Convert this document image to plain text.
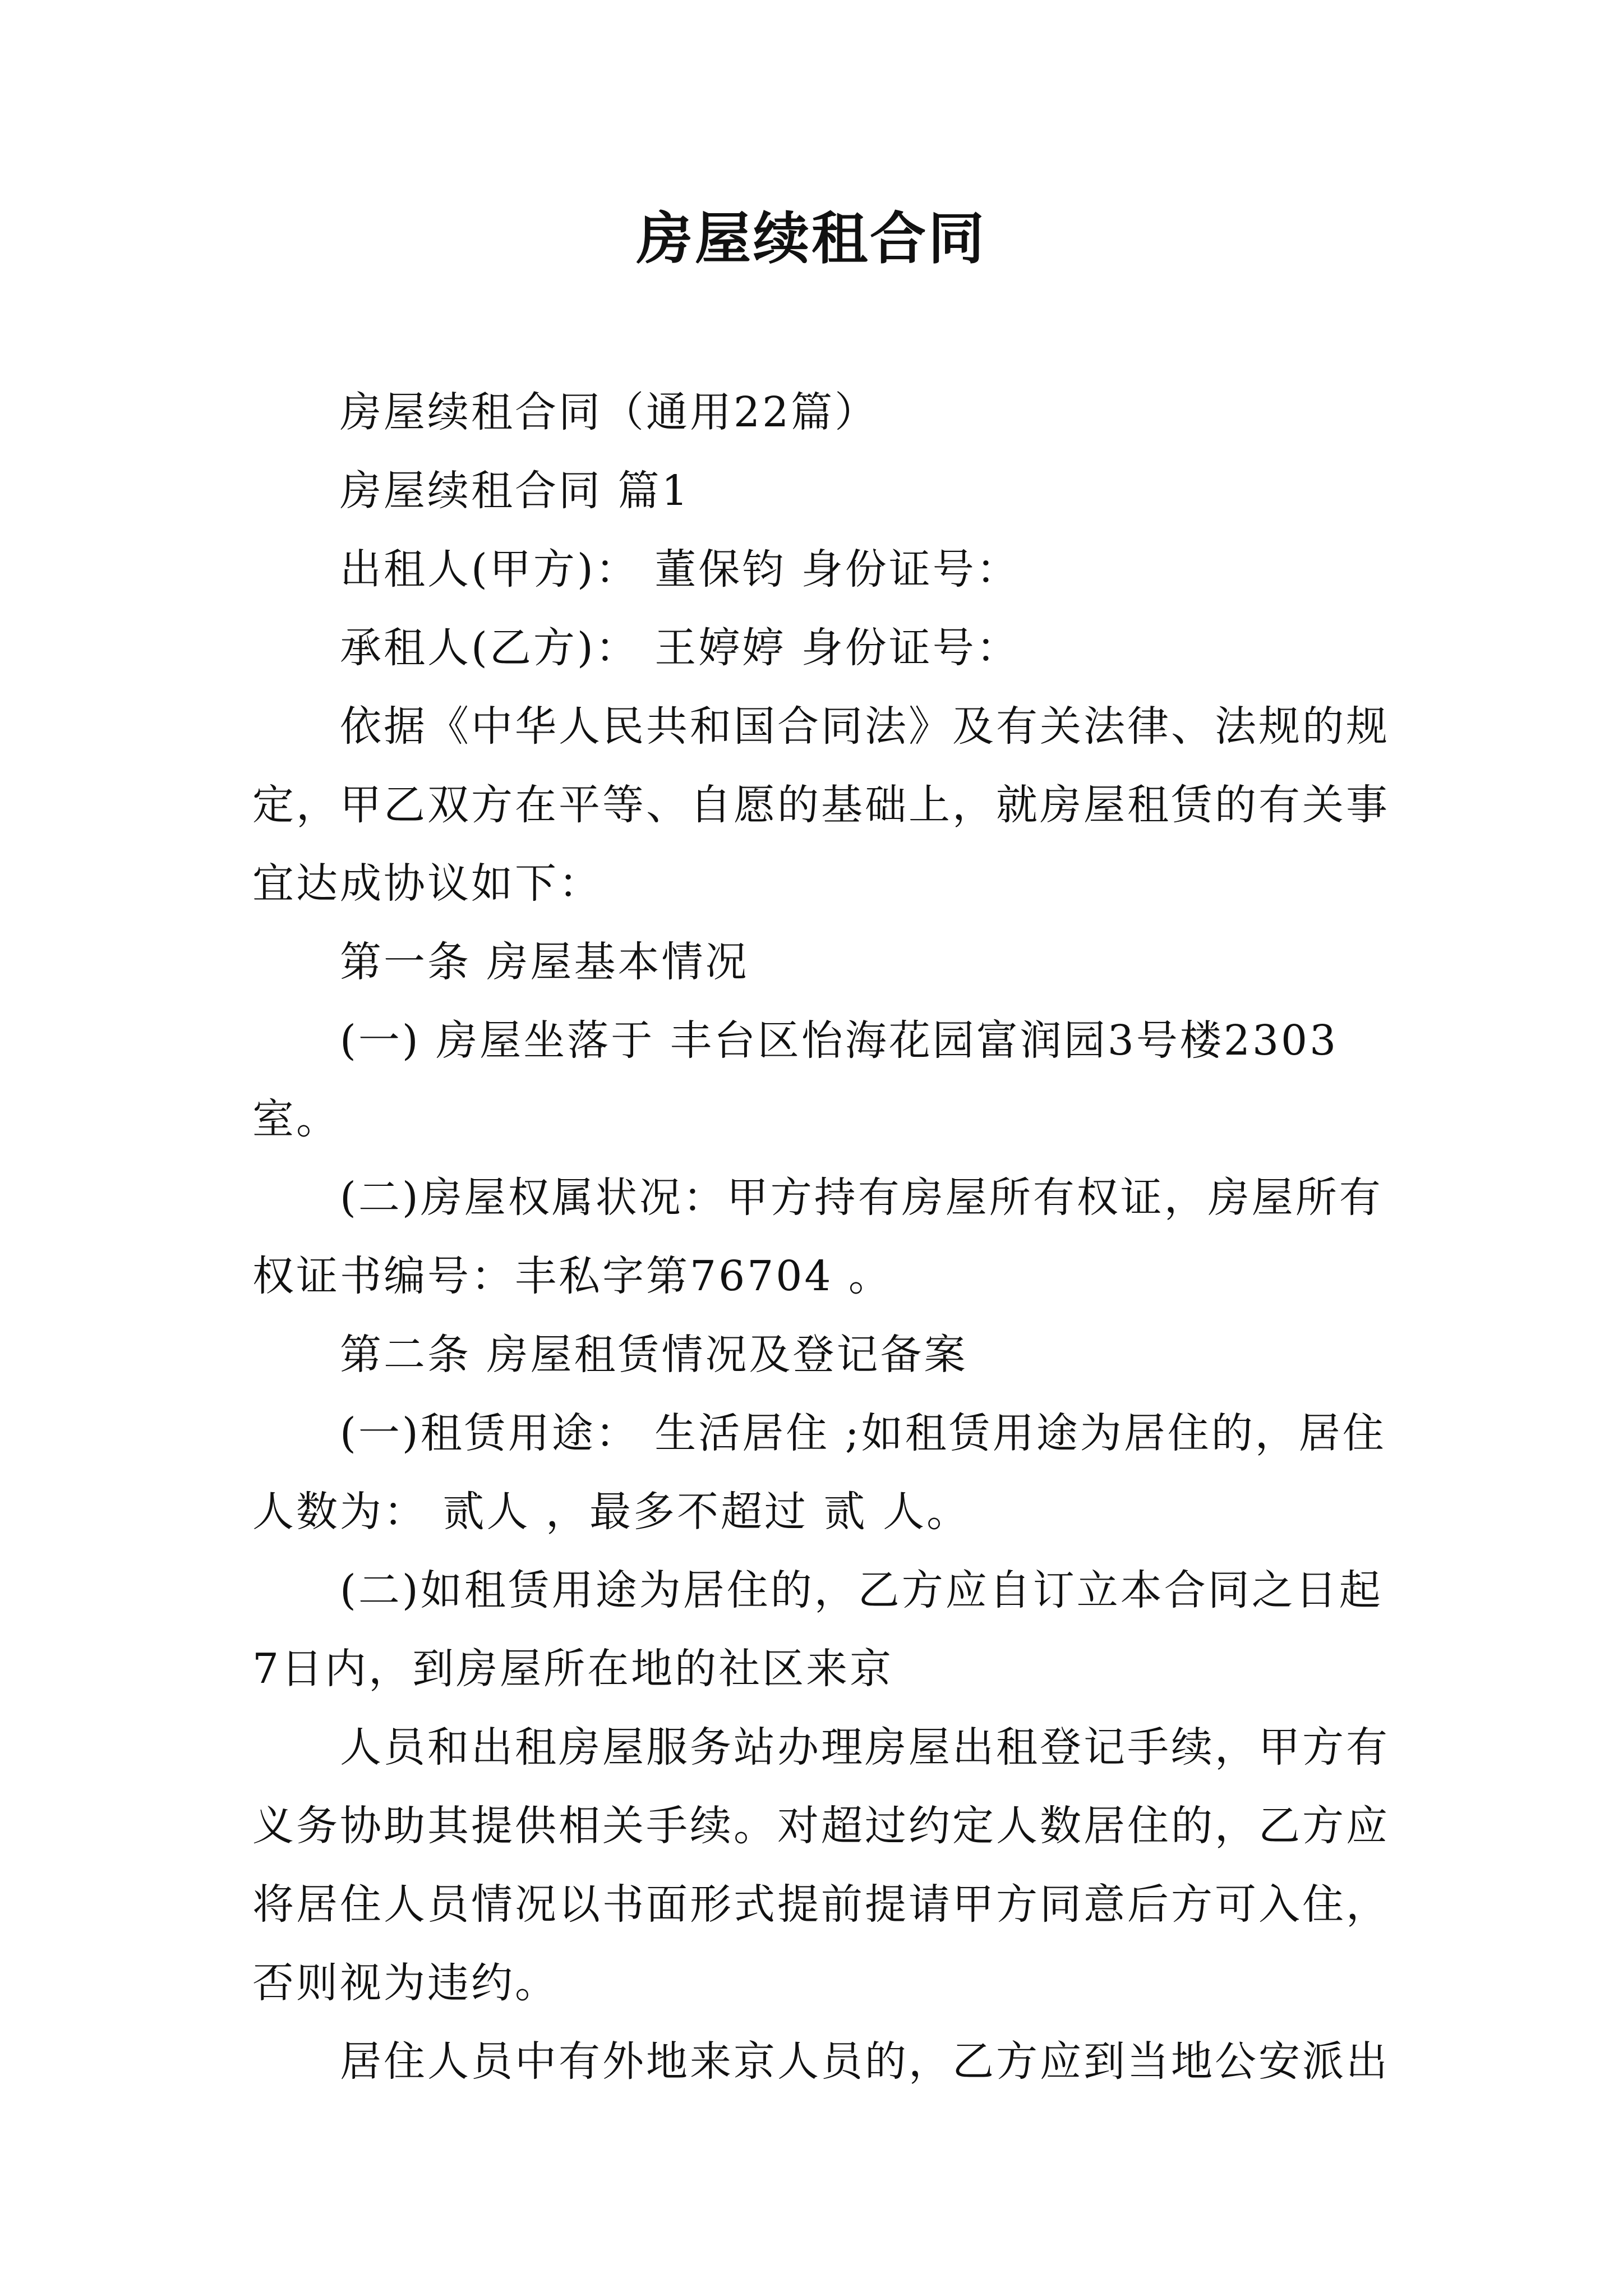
房屋续租合同

房屋续租合同（通用22篇）

房屋续租合同 篇1

出租人(甲方)： 董保钧 身份证号：

承租人(乙方)： 王婷婷 身份证号：

依据《中华人民共和国合同法》及有关法律、法规的规定，甲乙双方在平等、自愿的基础上，就房屋租赁的有关事宜达成协议如下：

第一条 房屋基本情况

(一) 房屋坐落于 丰台区怡海花园富润园3号楼2303室。

(二)房屋权属状况：甲方持有房屋所有权证，房屋所有权证书编号：丰私字第76704 。

第二条 房屋租赁情况及登记备案

(一)租赁用途： 生活居住 ;如租赁用途为居住的，居住人数为： 贰人 ，最多不超过 贰 人。

(二)如租赁用途为居住的，乙方应自订立本合同之日起7日内，到房屋所在地的社区来京

人员和出租房屋服务站办理房屋出租登记手续，甲方有义务协助其提供相关手续。对超过约定人数居住的，乙方应将居住人员情况以书面形式提前提请甲方同意后方可入住，否则视为违约。

居住人员中有外地来京人员的，乙方应到当地公安派出
